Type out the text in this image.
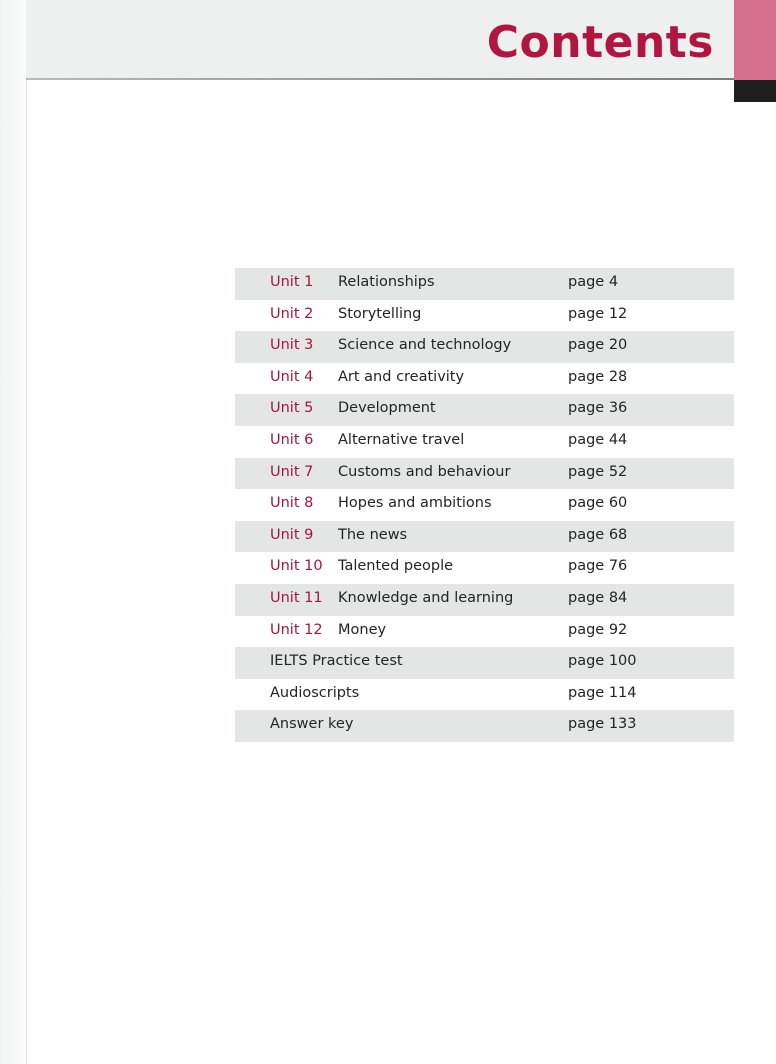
Contents
Unit 1 Relationships	page 4
Unit 2 Storytelling	page 12
Unit 3 Science and technology	page 20
Unit 4 Art and creativity	page 28
Unit 5 Development	page 36
Unit 6 Alternative travel	page 44
Unit 7 Customs and behaviour	page 52
Unit 8 Hopes and ambitions	page 60
Unit 9 The news	page 68
Unit 10 Talented people	page 76
Unit 11 Knowledge and learning	page 84
Unit 12 Money	page 92
IELTS Practice test	page 100
Audioscripts	page 114
Answer key	page 133
